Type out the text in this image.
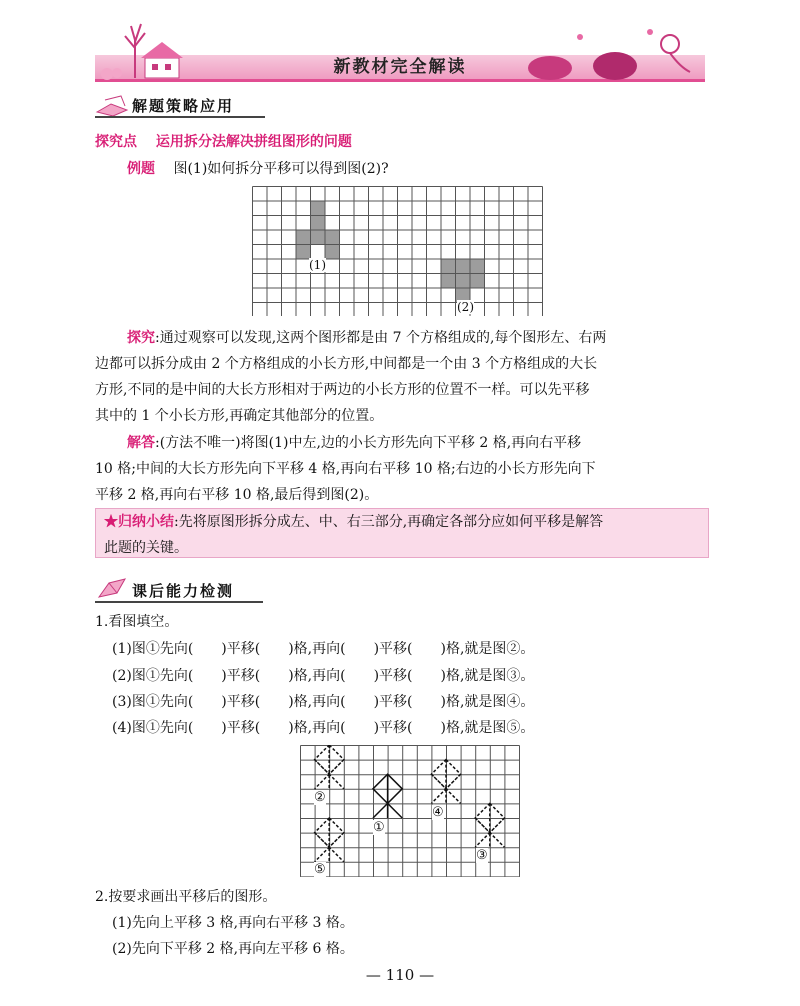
新教材完全解读
解题策略应用
探究点 运用拆分法解决拼组图形的问题
例题 图(1)如何拆分平移可以得到图(2)?
(1)
(2)
探究:通过观察可以发现,这两个图形都是由 7 个方格组成的,每个图形左、右两
边都可以拆分成由 2 个方格组成的小长方形,中间都是一个由 3 个方格组成的大长
方形,不同的是中间的大长方形相对于两边的小长方形的位置不一样。可以先平移
其中的 1 个小长方形,再确定其他部分的位置。
解答:(方法不唯一)将图(1)中左,边的小长方形先向下平移 2 格,再向右平移
10 格;中间的大长方形先向下平移 4 格,再向右平移 10 格;右边的小长方形先向下
平移 2 格,再向右平移 10 格,最后得到图(2)。

★归纳小结:先将原图形拆分成左、中、右三部分,再确定各部分应如何平移是解答

此题的关键。

课后能力检测
1.看图填空。
(1)图①先向(　　)平移(　　)格,再向(　　)平移(　　)格,就是图②。
(2)图①先向(　　)平移(　　)格,再向(　　)平移(　　)格,就是图③。
(3)图①先向(　　)平移(　　)格,再向(　　)平移(　　)格,就是图④。
(4)图①先向(　　)平移(　　)格,再向(　　)平移(　　)格,就是图⑤。
②
①
④
③
⑤
2.按要求画出平移后的图形。
(1)先向上平移 3 格,再向右平移 3 格。
(2)先向下平移 2 格,再向左平移 6 格。
— 110 —
